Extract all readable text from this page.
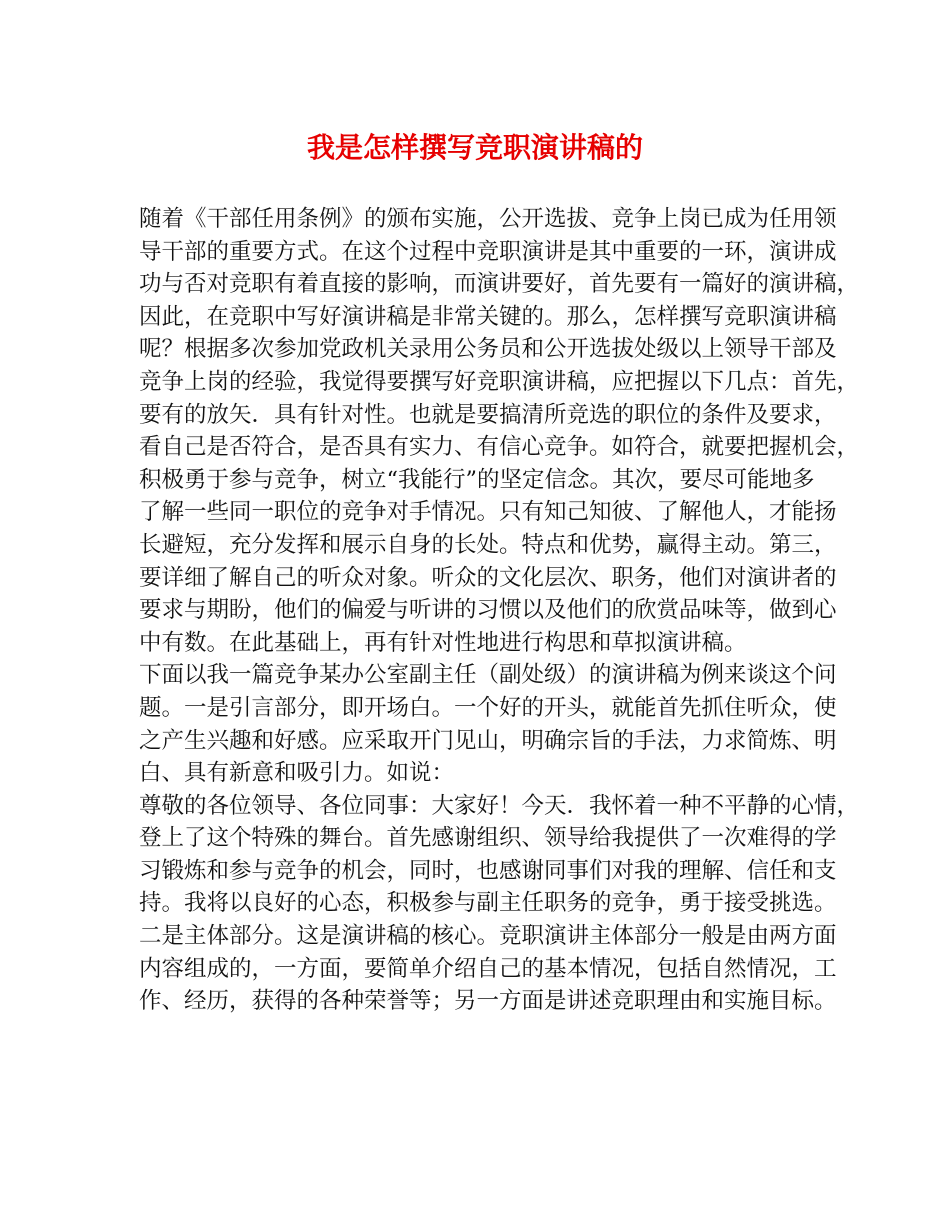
我是怎样撰写竞职演讲稿的
随着《干部任用条例》的颁布实施，公开选拔、竞争上岗已成为任用领
导干部的重要方式。在这个过程中竞职演讲是其中重要的一环，演讲成
功与否对竞职有着直接的影响，而演讲要好，首先要有一篇好的演讲稿，
因此，在竞职中写好演讲稿是非常关键的。那么，怎样撰写竞职演讲稿
呢？根据多次参加党政机关录用公务员和公开选拔处级以上领导干部及
竞争上岗的经验，我觉得要撰写好竞职演讲稿，应把握以下几点：首先，
要有的放矢．具有针对性。也就是要搞清所竞选的职位的条件及要求，
看自己是否符合，是否具有实力、有信心竞争。如符合，就要把握机会，
积极勇于参与竞争，树立“我能行”的坚定信念。其次，要尽可能地多
了解一些同一职位的竞争对手情况。只有知己知彼、了解他人，才能扬
长避短，充分发挥和展示自身的长处。特点和优势，赢得主动。第三，
要详细了解自己的听众对象。听众的文化层次、职务，他们对演讲者的
要求与期盼，他们的偏爱与听讲的习惯以及他们的欣赏品味等，做到心
中有数。在此基础上，再有针对性地进行构思和草拟演讲稿。
下面以我一篇竞争某办公室副主任（副处级）的演讲稿为例来谈这个问
题。一是引言部分，即开场白。一个好的开头，就能首先抓住听众，使
之产生兴趣和好感。应采取开门见山，明确宗旨的手法，力求简炼、明
白、具有新意和吸引力。如说：
尊敬的各位领导、各位同事：大家好！今天．我怀着一种不平静的心情，
登上了这个特殊的舞台。首先感谢组织、领导给我提供了一次难得的学
习锻炼和参与竞争的机会，同时，也感谢同事们对我的理解、信任和支
持。我将以良好的心态，积极参与副主任职务的竞争，勇于接受挑选。
二是主体部分。这是演讲稿的核心。竞职演讲主体部分一般是由两方面
内容组成的，一方面，要简单介绍自己的基本情况，包括自然情况，工
作、经历，获得的各种荣誉等；另一方面是讲述竞职理由和实施目标。
